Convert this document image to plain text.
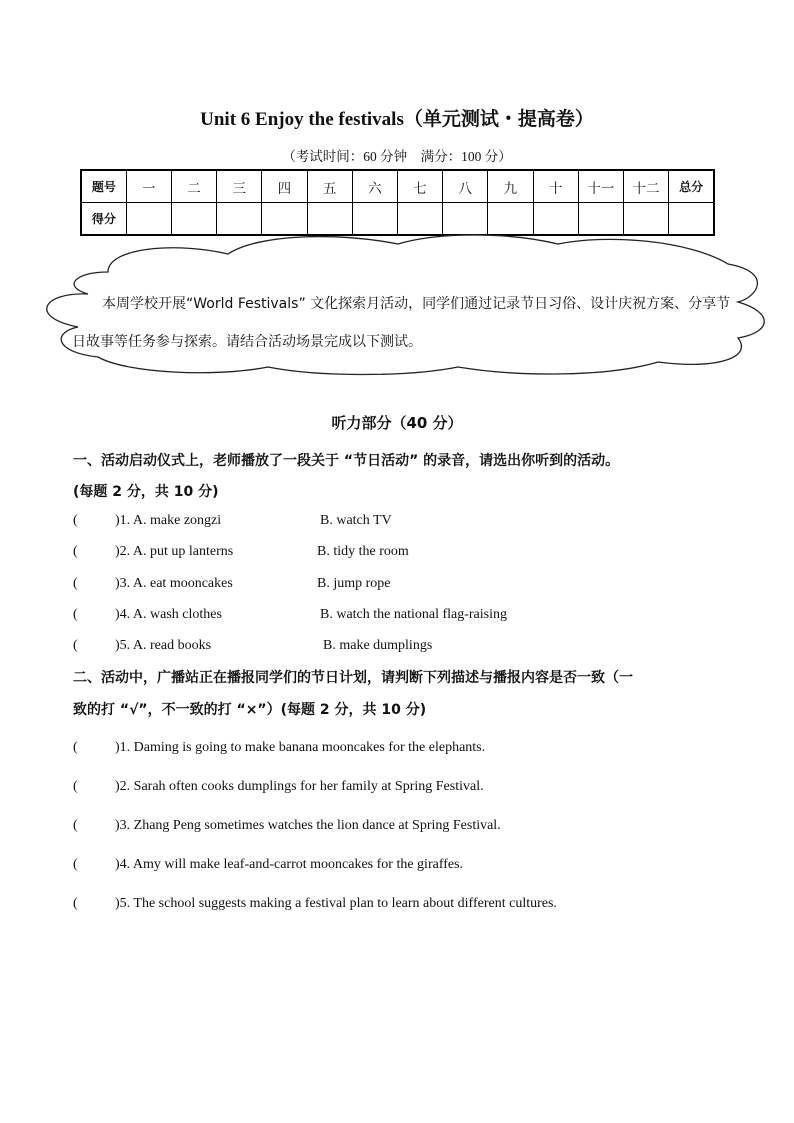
Unit 6 Enjoy the festivals（单元测试・提高卷）
（考试时间：60 分钟　满分：100 分）
题号	一	二	三	四	五	六	七	八	九	十	十一	十二	总分
得分													
本周学校开展“World Festivals” 文化探索月活动，同学们通过记录节日习俗、设计庆祝方案、分享节日故事等任务参与探索。请结合活动场景完成以下测试。
听力部分（40 分）
一、活动启动仪式上，老师播放了一段关于 “节日活动” 的录音，请选出你听到的活动。
(每题 2 分，共 10 分)
(	)1. A. make zongzi	B. watch TV
(	)2. A. put up lanterns	B. tidy the room
(	)3. A. eat mooncakes	B. jump rope
(	)4. A. wash clothes	B. watch the national flag-raising
(	)5. A. read books	B. make dumplings
二、活动中，广播站正在播报同学们的节日计划，请判断下列描述与播报内容是否一致（一
致的打 “√”，不一致的打 “×”）(每题 2 分，共 10 分)
(	)1. Daming is going to make banana mooncakes for the elephants.
(	)2. Sarah often cooks dumplings for her family at Spring Festival.
(	)3. Zhang Peng sometimes watches the lion dance at Spring Festival.
(	)4. Amy will make leaf-and-carrot mooncakes for the giraffes.
(	)5. The school suggests making a festival plan to learn about different cultures.
